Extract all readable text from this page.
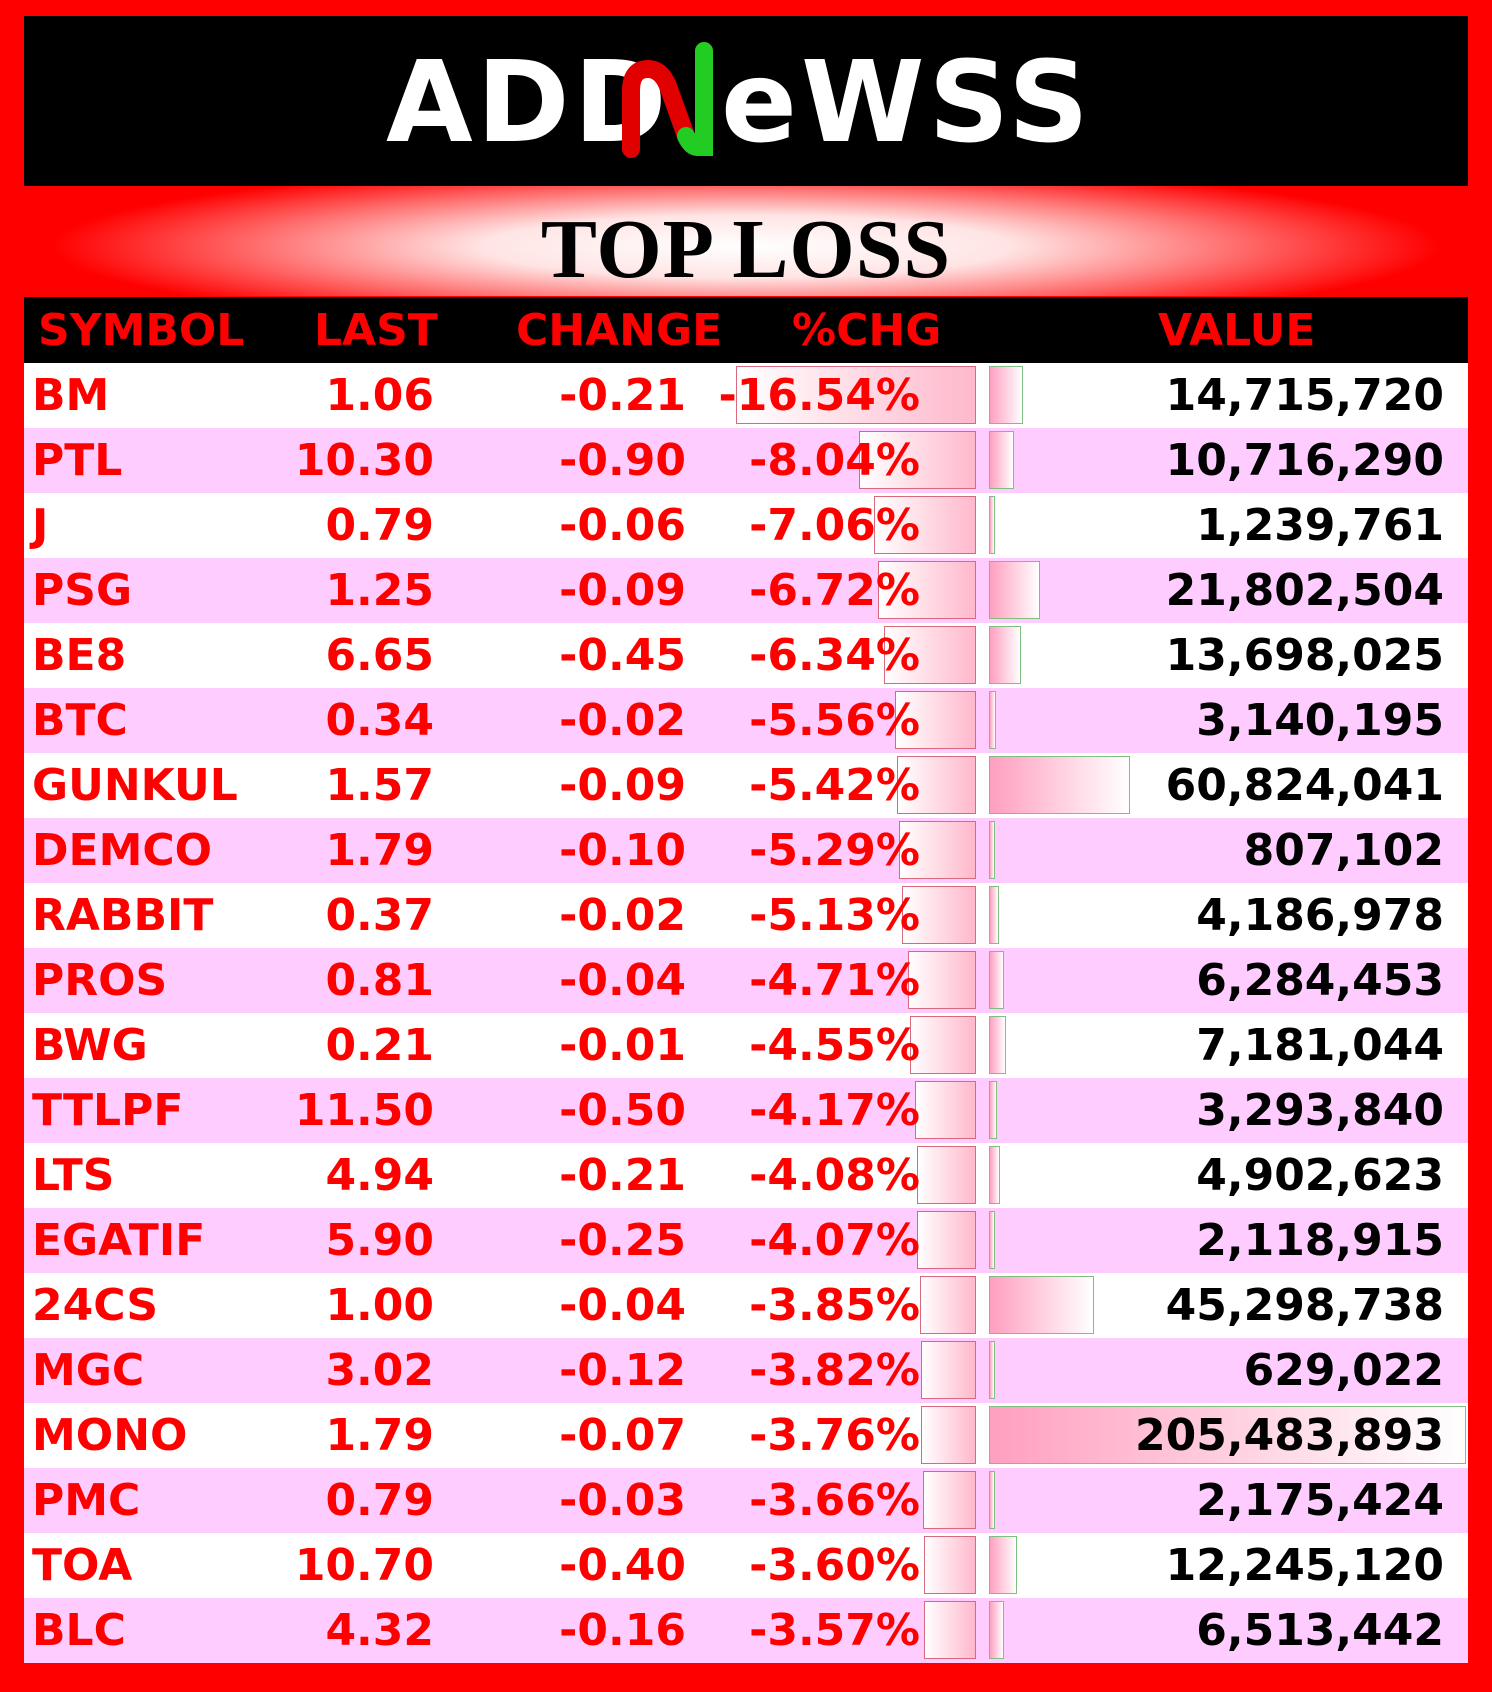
ADD eWSS
TOP LOSS
SYMBOL LAST CHANGE %CHG	VALUE
BM	1.06	-0.21 -16.54%	14,715,720
PTL	10.30	-0.90 -8.04%	10,716,290
J	0.79	-0.06 -7.06%	1,239,761
PSG	1.25	-0.09 -6.72%	21,802,504
BE8	6.65	-0.45 -6.34%	13,698,025
BTC	0.34	-0.02 -5.56%	3,140,195
GUNKUL 1.57	-0.09 -5.42%	60,824,041
DEMCO	1.79	-0.10 -5.29%	807,102
RABBIT	0.37	-0.02 -5.13%	4,186,978
PROS	0.81	-0.04 -4.71%	6,284,453
BWG	0.21	-0.01 -4.55%	7,181,044
TTLPF	11.50	-0.50 -4.17%	3,293,840
LTS	4.94	-0.21 -4.08%	4,902,623
EGATIF	5.90	-0.25 -4.07%	2,118,915
24CS	1.00	-0.04 -3.85%	45,298,738
MGC	3.02	-0.12 -3.82%	629,022
MONO	1.79	-0.07 -3.76%	205,483,893
PMC	0.79	-0.03 -3.66%	2,175,424
TOA	10.70	-0.40 -3.60%	12,245,120
BLC	4.32	-0.16 -3.57%	6,513,442
